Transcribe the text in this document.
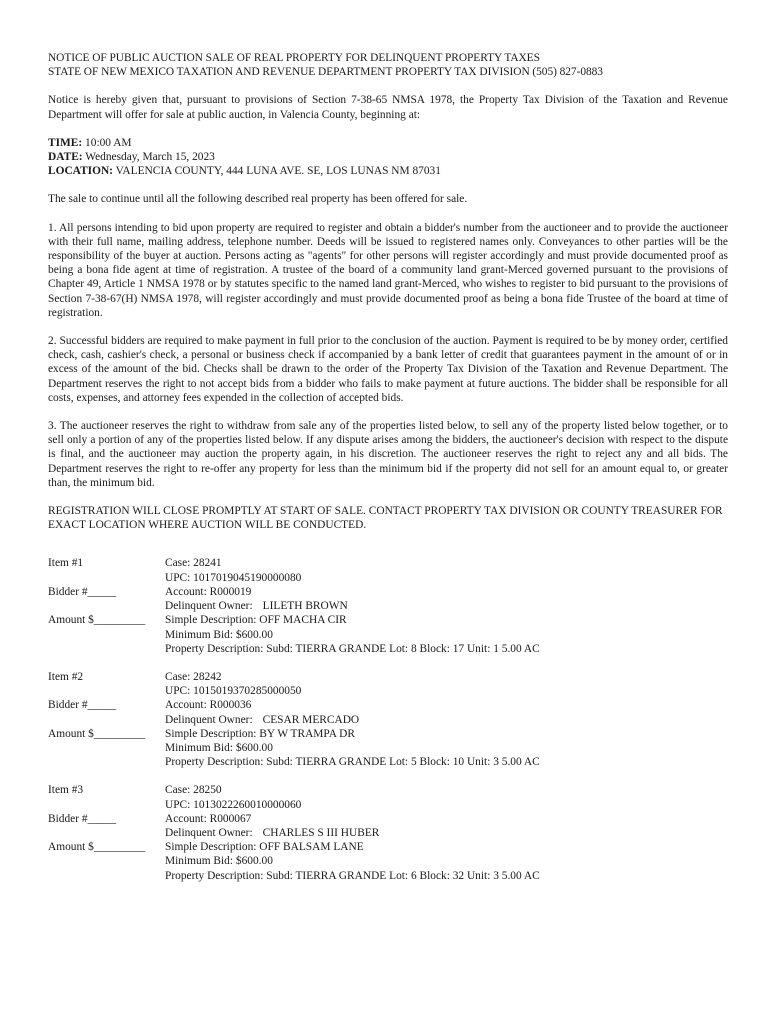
NOTICE OF PUBLIC AUCTION SALE OF REAL PROPERTY FOR DELINQUENT PROPERTY TAXES

STATE OF NEW MEXICO TAXATION AND REVENUE DEPARTMENT PROPERTY TAX DIVISION (505) 827-0883

Notice is hereby given that, pursuant to provisions of Section 7-38-65 NMSA 1978, the Property Tax Division of the Taxation and Revenue Department will offer for sale at public auction, in Valencia County, beginning at:

TIME: 10:00 AM

DATE: Wednesday, March 15, 2023

LOCATION: VALENCIA COUNTY, 444 LUNA AVE. SE, LOS LUNAS NM 87031

The sale to continue until all the following described real property has been offered for sale.

1. All persons intending to bid upon property are required to register and obtain a bidder's number from the auctioneer and to provide the auctioneer with their full name, mailing address, telephone number. Deeds will be issued to registered names only. Conveyances to other parties will be the responsibility of the buyer at auction. Persons acting as "agents" for other persons will register accordingly and must provide documented proof as being a bona fide agent at time of registration. A trustee of the board of a community land grant-Merced governed pursuant to the provisions of Chapter 49, Article 1 NMSA 1978 or by statutes specific to the named land grant-Merced, who wishes to register to bid pursuant to the provisions of Section 7-38-67(H) NMSA 1978, will register accordingly and must provide documented proof as being a bona fide Trustee of the board at time of registration.

2. Successful bidders are required to make payment in full prior to the conclusion of the auction. Payment is required to be by money order, certified check, cash, cashier's check, a personal or business check if accompanied by a bank letter of credit that guarantees payment in the amount of or in excess of the amount of the bid. Checks shall be drawn to the order of the Property Tax Division of the Taxation and Revenue Department. The Department reserves the right to not accept bids from a bidder who fails to make payment at future auctions. The bidder shall be responsible for all costs, expenses, and attorney fees expended in the collection of accepted bids.

3. The auctioneer reserves the right to withdraw from sale any of the properties listed below, to sell any of the property listed below together, or to sell only a portion of any of the properties listed below. If any dispute arises among the bidders, the auctioneer's decision with respect to the dispute is final, and the auctioneer may auction the property again, in his discretion. The auctioneer reserves the right to reject any and all bids. The Department reserves the right to re-offer any property for less than the minimum bid if the property did not sell for an amount equal to, or greater than, the minimum bid.

REGISTRATION WILL CLOSE PROMPTLY AT START OF SALE. CONTACT PROPERTY TAX DIVISION OR COUNTY TREASURER FOR EXACT LOCATION WHERE AUCTION WILL BE CONDUCTED.

Item #1

Bidder #_____

Amount $_________

Case: 28241

UPC: 1017019045190000080

Account: R000019

Delinquent Owner: LILETH BROWN

Simple Description: OFF MACHA CIR

Minimum Bid: $600.00

Property Description: Subd: TIERRA GRANDE Lot: 8 Block: 17 Unit: 1 5.00 AC

Item #2

Bidder #_____

Amount $_________

Case: 28242

UPC: 1015019370285000050

Account: R000036

Delinquent Owner: CESAR MERCADO

Simple Description: BY W TRAMPA DR

Minimum Bid: $600.00

Property Description: Subd: TIERRA GRANDE Lot: 5 Block: 10 Unit: 3 5.00 AC

Item #3

Bidder #_____

Amount $_________

Case: 28250

UPC: 1013022260010000060

Account: R000067

Delinquent Owner: CHARLES S III HUBER

Simple Description: OFF BALSAM LANE

Minimum Bid: $600.00

Property Description: Subd: TIERRA GRANDE Lot: 6 Block: 32 Unit: 3 5.00 AC
